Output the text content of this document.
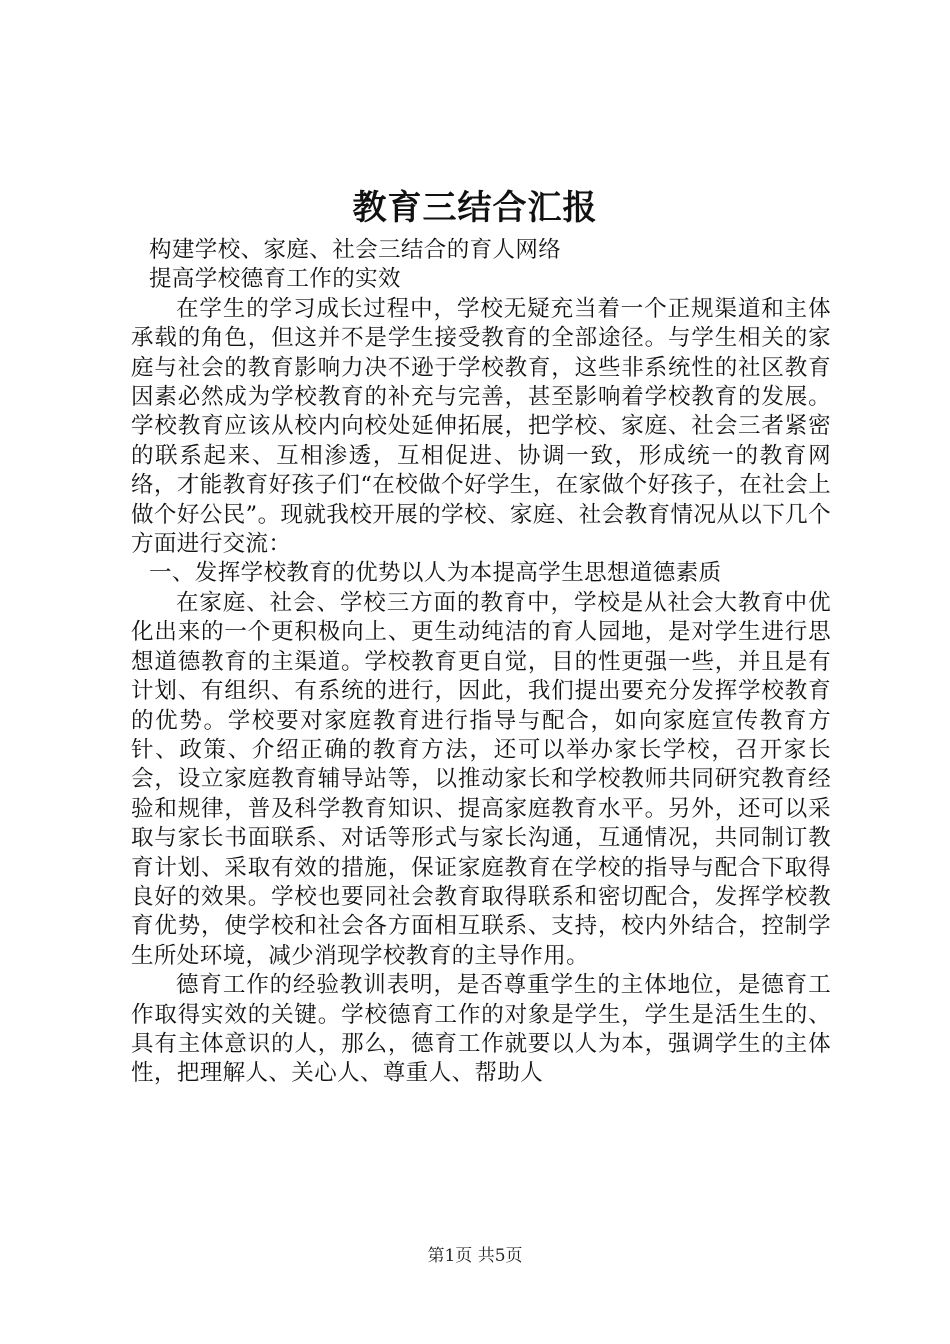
教育三结合汇报

构建学校、家庭、社会三结合的育人网络

提高学校德育工作的实效

在学生的学习成长过程中，学校无疑充当着一个正规渠道和主体承载的角色，但这并不是学生接受教育的全部途径。与学生相关的家庭与社会的教育影响力决不逊于学校教育，这些非系统性的社区教育因素必然成为学校教育的补充与完善，甚至影响着学校教育的发展。学校教育应该从校内向校处延伸拓展，把学校、家庭、社会三者紧密的联系起来、互相渗透，互相促进、协调一致，形成统一的教育网络，才能教育好孩子们“在校做个好学生，在家做个好孩子，在社会上做个好公民”。现就我校开展的学校、家庭、社会教育情况从以下几个方面进行交流：

一、发挥学校教育的优势以人为本提高学生思想道德素质

在家庭、社会、学校三方面的教育中，学校是从社会大教育中优化出来的一个更积极向上、更生动纯洁的育人园地，是对学生进行思想道德教育的主渠道。学校教育更自觉，目的性更强一些，并且是有计划、有组织、有系统的进行，因此，我们提出要充分发挥学校教育的优势。学校要对家庭教育进行指导与配合，如向家庭宣传教育方针、政策、介绍正确的教育方法，还可以举办家长学校，召开家长会，设立家庭教育辅导站等，以推动家长和学校教师共同研究教育经验和规律，普及科学教育知识、提高家庭教育水平。另外，还可以采取与家长书面联系、对话等形式与家长沟通，互通情况，共同制订教育计划、采取有效的措施，保证家庭教育在学校的指导与配合下取得良好的效果。学校也要同社会教育取得联系和密切配合，发挥学校教育优势，使学校和社会各方面相互联系、支持，校内外结合，控制学生所处环境，减少消现学校教育的主导作用。

德育工作的经验教训表明，是否尊重学生的主体地位，是德育工作取得实效的关键。学校德育工作的对象是学生，学生是活生生的、具有主体意识的人，那么，德育工作就要以人为本，强调学生的主体性，把理解人、关心人、尊重人、帮助人

第1页 共5页
